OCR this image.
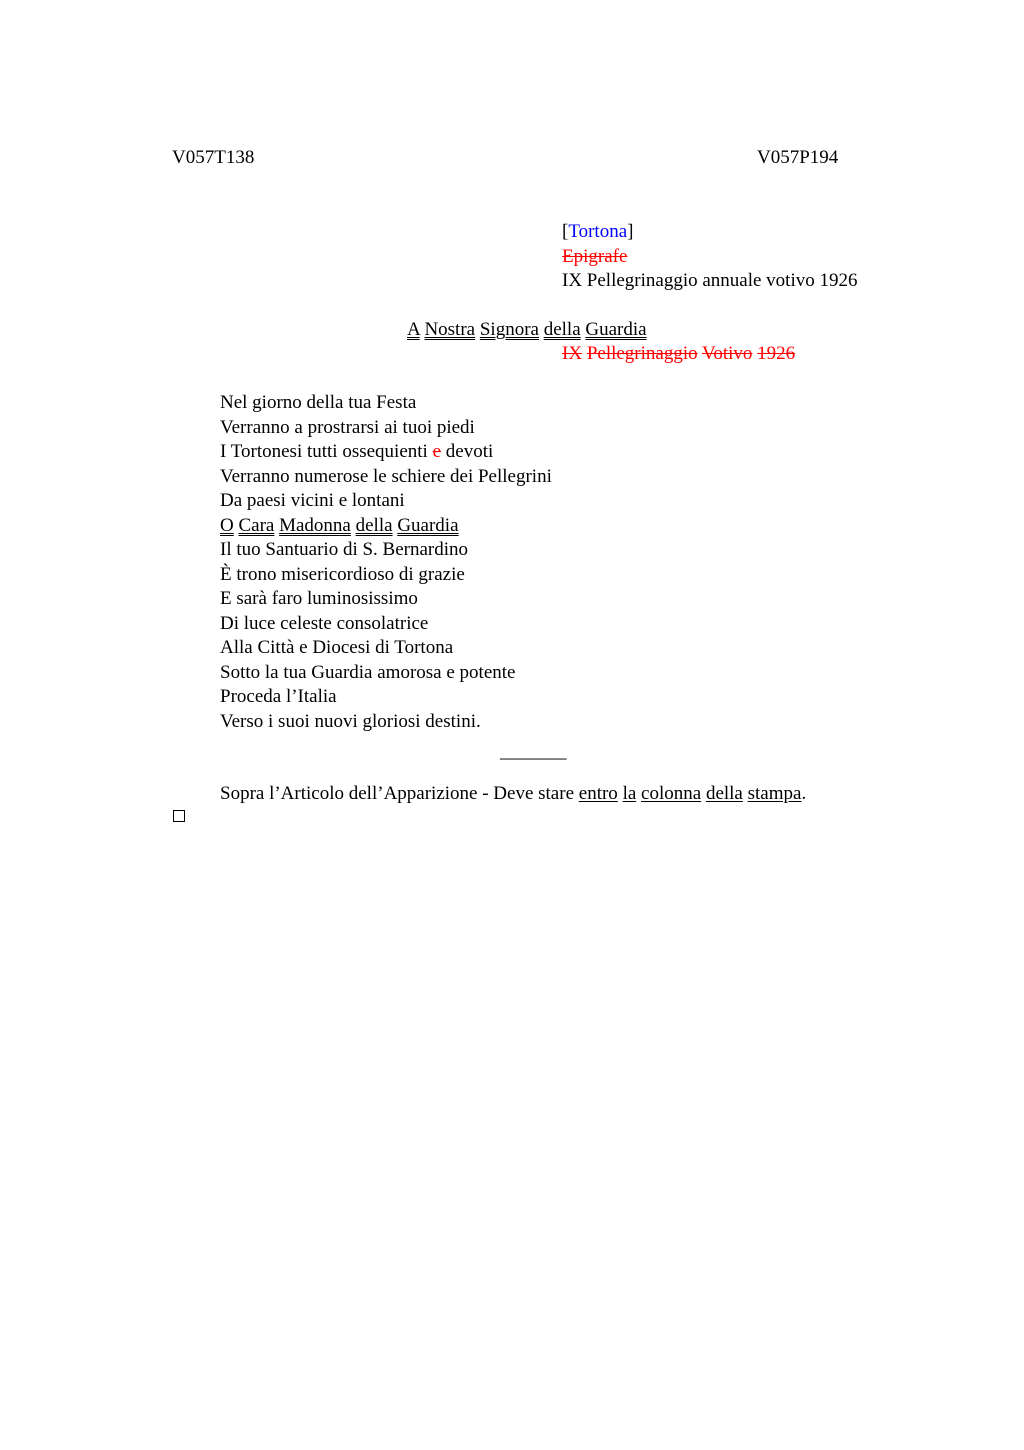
V057T138	V057P194
[Tortona]
Epigrafe
IX Pellegrinaggio annuale votivo 1926
A Nostra Signora della Guardia
IX Pellegrinaggio Votivo 1926
Nel giorno della tua Festa
Verranno a prostrarsi ai tuoi piedi
I Tortonesi tutti ossequienti e devoti
Verranno numerose le schiere dei Pellegrini
Da paesi vicini e lontani
O Cara Madonna della Guardia
Il tuo Santuario di S. Bernardino
È trono misericordioso di grazie
E sarà faro luminosissimo
Di luce celeste consolatrice
Alla Città e Diocesi di Tortona
Sotto la tua Guardia amorosa e potente
Proceda l’Italia
Verso i suoi nuovi gloriosi destini.
_______
Sopra l’Articolo dell’Apparizione - Deve stare entro la colonna della stampa.
